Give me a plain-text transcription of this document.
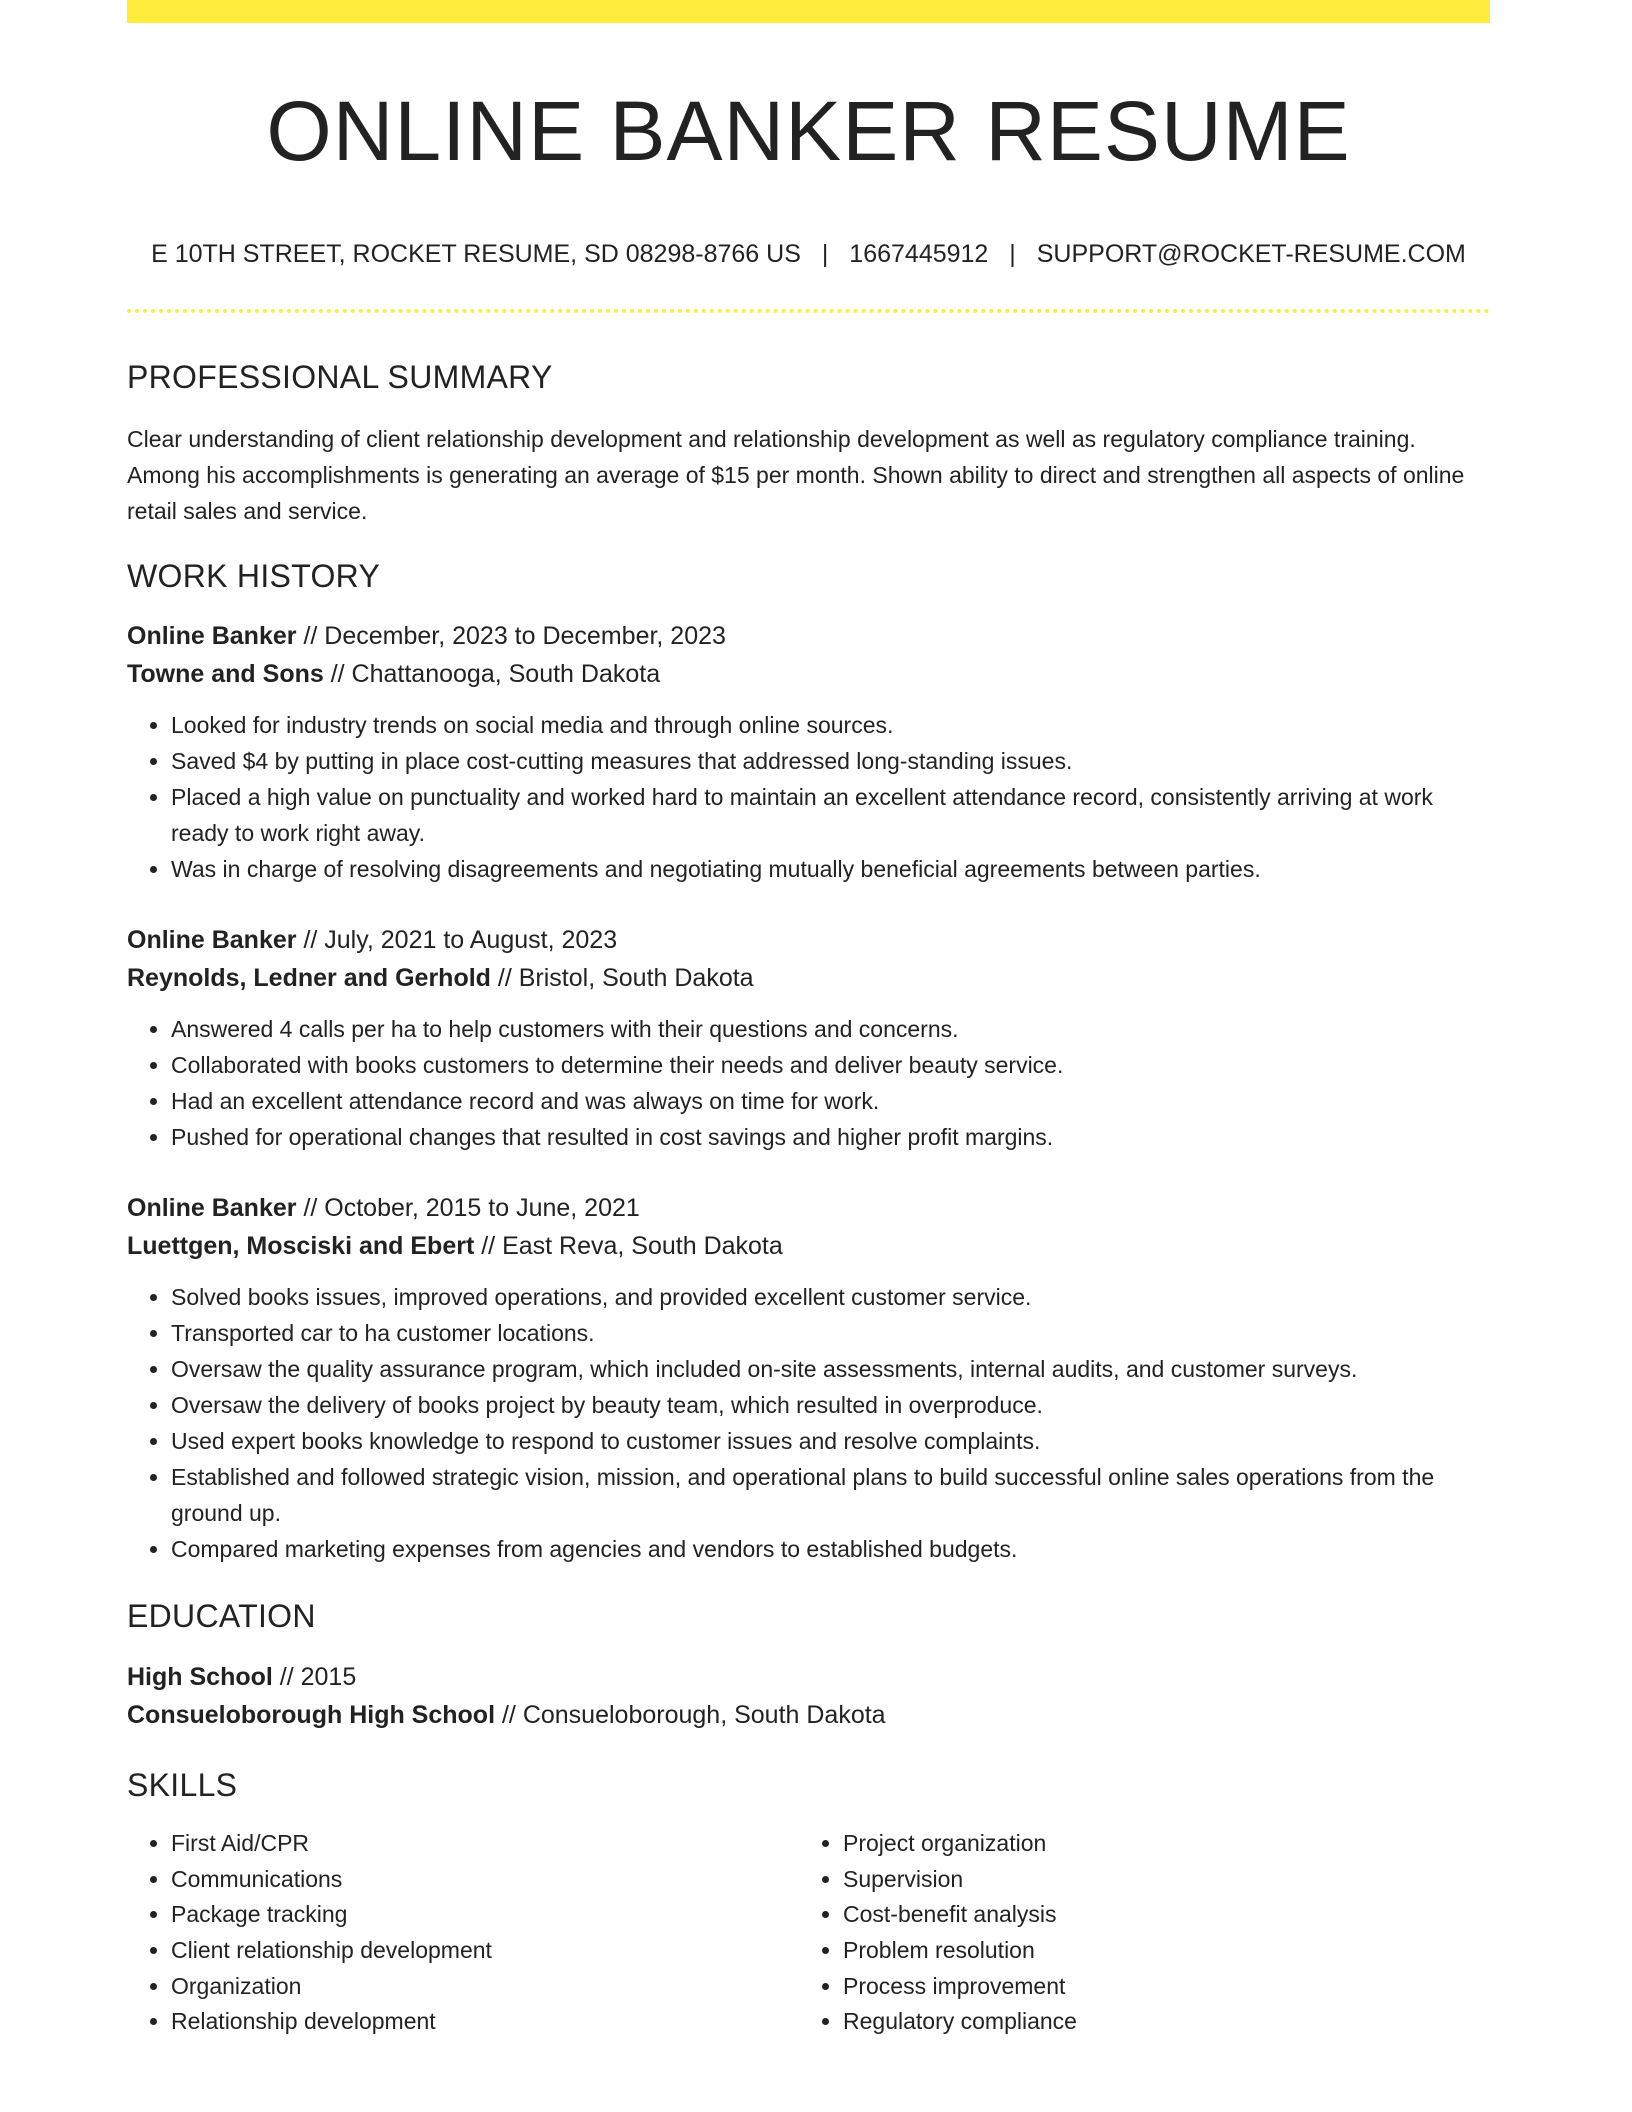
ONLINE BANKER RESUME
E 10TH STREET, ROCKET RESUME, SD 08298-8766 US | 1667445912 | SUPPORT@ROCKET-RESUME.COM
PROFESSIONAL SUMMARY

Clear understanding of client relationship development and relationship development as well as regulatory compliance training. Among his accomplishments is generating an average of $15 per month. Shown ability to direct and strengthen all aspects of online retail sales and service.

WORK HISTORY
Online Banker // December, 2023 to December, 2023
Towne and Sons // Chattanooga, South Dakota
• Looked for industry trends on social media and through online sources.
• Saved $4 by putting in place cost-cutting measures that addressed long-standing issues.
• Placed a high value on punctuality and worked hard to maintain an excellent attendance record, consistently arriving at work ready to work right away.
• Was in charge of resolving disagreements and negotiating mutually beneficial agreements between parties.
Online Banker // July, 2021 to August, 2023
Reynolds, Ledner and Gerhold // Bristol, South Dakota
• Answered 4 calls per ha to help customers with their questions and concerns.
• Collaborated with books customers to determine their needs and deliver beauty service.
• Had an excellent attendance record and was always on time for work.
• Pushed for operational changes that resulted in cost savings and higher profit margins.
Online Banker // October, 2015 to June, 2021
Luettgen, Mosciski and Ebert // East Reva, South Dakota
• Solved books issues, improved operations, and provided excellent customer service.
• Transported car to ha customer locations.
• Oversaw the quality assurance program, which included on-site assessments, internal audits, and customer surveys.
• Oversaw the delivery of books project by beauty team, which resulted in overproduce.
• Used expert books knowledge to respond to customer issues and resolve complaints.
• Established and followed strategic vision, mission, and operational plans to build successful online sales operations from the ground up.
• Compared marketing expenses from agencies and vendors to established budgets.
EDUCATION
High School // 2015
Consueloborough High School // Consueloborough, South Dakota
SKILLS
• First Aid/CPR
• Communications
• Package tracking
• Client relationship development
• Organization
• Relationship development
• Project organization
• Supervision
• Cost-benefit analysis
• Problem resolution
• Process improvement
• Regulatory compliance
